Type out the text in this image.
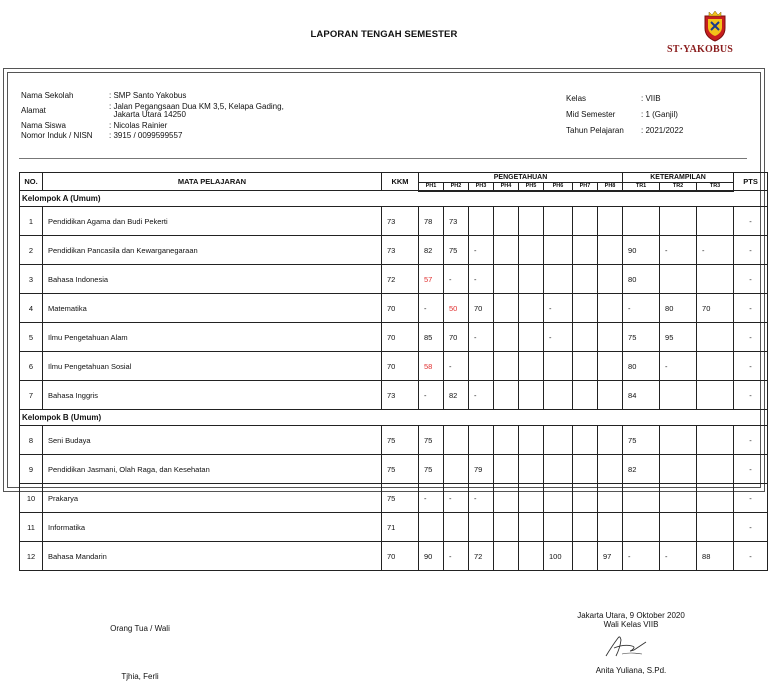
LAPORAN TENGAH SEMESTER
ST·YAKOBUS
Nama Sekolah	: SMP Santo Yakobus
Alamat	: Jalan Pegangsaan Dua KM 3,5, Kelapa Gading,
Jakarta Utara 14250
Nama Siswa	: Nicolas Rainier
Nomor Induk / NISN	: 3915 / 0099599557
Kelas	: VIIB
Mid Semester	: 1 (Ganjil)
Tahun Pelajaran	: 2021/2022
NO.	MATA PELAJARAN	KKM	PENGETAHUAN								KETERAMPILAN			PTS
			PH1	PH2	PH3	PH4	PH5	PH6	PH7	PH8	TR1	TR2	TR3	
Kelompok A (Umum)														
1	Pendidikan Agama dan Budi Pekerti	73	78	73										-
2	Pendidikan Pancasila dan Kewarganegaraan	73	82	75	-						90	-	-	-
3	Bahasa Indonesia	72	57	-	-						80			-
4	Matematika	70	-	50	70			-			-	80	70	-
5	Ilmu Pengetahuan Alam	70	85	70	-			-			75	95		-
6	Ilmu Pengetahuan Sosial	70	58	-							80	-		-
7	Bahasa Inggris	73	-	82	-						84			-
Kelompok B (Umum)														
8	Seni Budaya	75	75								75			-
9	Pendidikan Jasmani, Olah Raga, dan Kesehatan	75	75		79						82			-
10	Prakarya	75	-	-	-									-
11	Informatika	71												-
12	Bahasa Mandarin	70	90	-	72			100		97	-	-	88	-
Orang Tua / Wali
Tjhia, Ferli
Jakarta Utara, 9 Oktober 2020
Wali Kelas VIIB
Anita Yuliana, S.Pd.
